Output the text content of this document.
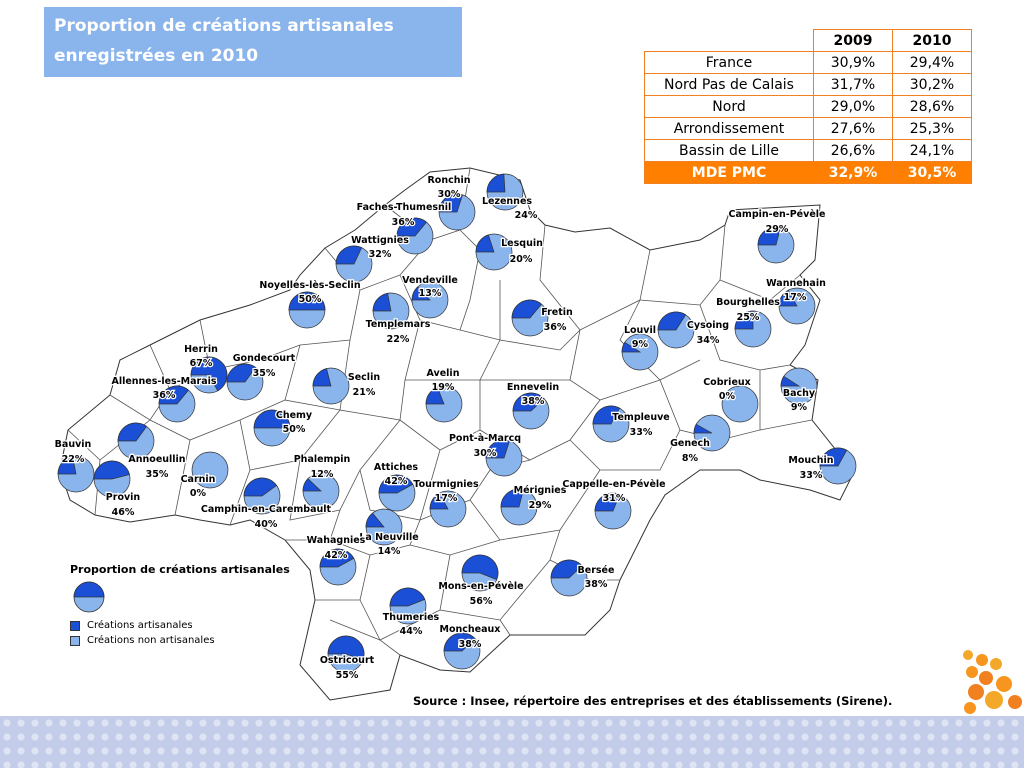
Proportion de créations artisanales
enregistrées en 2010
	2009	2010
France	30,9%	29,4%
Nord Pas de Calais	31,7%	30,2%
Nord	29,0%	28,6%
Arrondissement	27,6%	25,3%
Bassin de Lille	26,6%	24,1%
MDE PMC	32,9%	30,5%
Ronchin
30%
Lezennes
24%
Faches-Thumesnil
36%
Wattignies
32%
Lesquin
20%
Vendeville
13%
Noyelles-lès-Seclin
50%
Templemars
22%
Fretin
36%
Campin-en-Pévèle
29%
Wannehain
17%
Bourghelles
25%
Louvil
9%
Cysoing
34%
Herrin
67% Gondecourt
35%
Allennes-les-Marais
36%
Seclin
21%
Avelin
19%	Ennevelin
38%
Cobrieux
0%	Bachy
9%
Chemy
50%
Templeuve
33%
Bauvin
22%	Annoeullin
35%
Pont-à-Marcq
30%
Genech
8%	Mouchin
33%
Carnin
0%
Phalempin
12%
Attiches
42% Tourmignies
17%
Mérignies
29%
Cappelle-en-Pévèle
31%
Provin
46%	Camphin-en-Carembault
40%
La Neuville
14%
Wahagnies
42%
Mons-en-Pévèle
56%
Bersée
38%
Thumeries
44% Moncheaux
38%
Ostricourt
55%
Proportion de créations artisanales
Créations artisanales
Créations non artisanales
Source : Insee, répertoire des entreprises et des établissements (Sirene).
